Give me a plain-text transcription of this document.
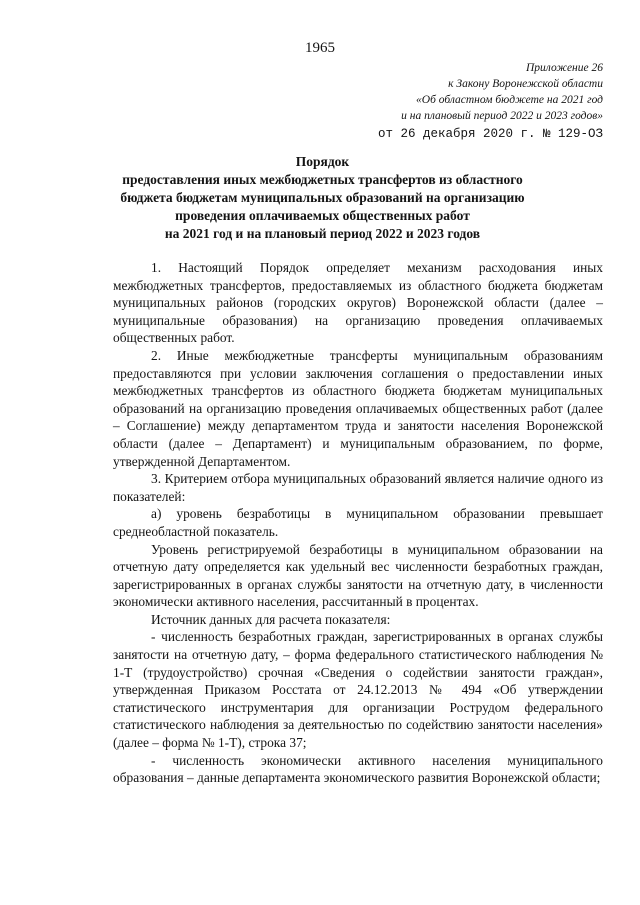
1965
Приложение 26
к Закону Воронежской области
«Об областном бюджете на 2021 год
и на плановый период 2022 и 2023 годов»
от 26 декабря 2020 г. № 129-ОЗ
Порядок
предоставления иных межбюджетных трансфертов из областного
бюджета бюджетам муниципальных образований на организацию
проведения оплачиваемых общественных работ
на 2021 год и на плановый период 2022 и 2023 годов

1. Настоящий Порядок определяет механизм расходования иных межбюджетных трансфертов, предоставляемых из областного бюджета бюджетам муниципальных районов (городских округов) Воронежской области (далее – муниципальные образования) на организацию проведения оплачиваемых общественных работ.

2. Иные межбюджетные трансферты муниципальным образованиям предоставляются при условии заключения соглашения о предоставлении иных межбюджетных трансфертов из областного бюджета бюджетам муниципальных образований на организацию проведения оплачиваемых общественных работ (далее – Соглашение) между департаментом труда и занятости населения Воронежской области (далее – Департамент) и муниципальным образованием, по форме, утвержденной Департаментом.

3. Критерием отбора муниципальных образований является наличие одного из показателей:

а) уровень безработицы в муниципальном образовании превышает среднеобластной показатель.

Уровень регистрируемой безработицы в муниципальном образовании на отчетную дату определяется как удельный вес численности безработных граждан, зарегистрированных в органах службы занятости на отчетную дату, в численности экономически активного населения, рассчитанный в процентах.

Источник данных для расчета показателя:

- численность безработных граждан, зарегистрированных в органах службы занятости на отчетную дату, – форма федерального статистического наблюдения № 1-Т (трудоустройство) срочная «Сведения о содействии занятости граждан», утвержденная Приказом Росстата от 24.12.2013 № 494 «Об утверждении статистического инструментария для организации Рострудом федерального статистического наблюдения за деятельностью по содействию занятости населения» (далее – форма № 1-Т), строка 37;

- численность экономически активного населения муниципального образования – данные департамента экономического развития Воронежской области;
